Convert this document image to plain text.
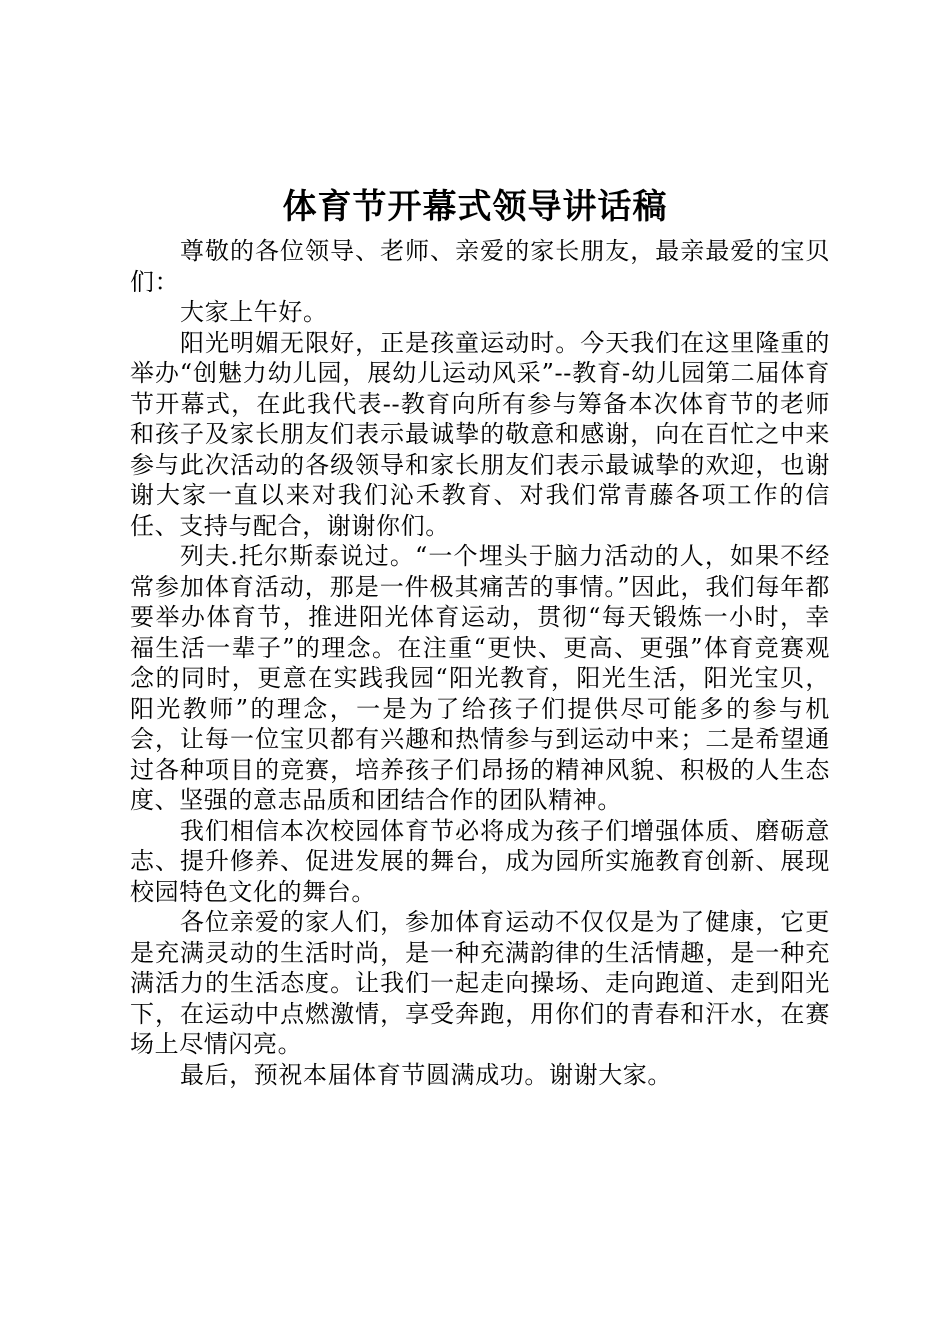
体育节开幕式领导讲话稿

尊敬的各位领导、老师、亲爱的家长朋友，最亲最爱的宝贝们：

大家上午好。

阳光明媚无限好，正是孩童运动时。今天我们在这里隆重的举办“创魅力幼儿园，展幼儿运动风采”--教育-幼儿园第二届体育节开幕式，在此我代表--教育向所有参与筹备本次体育节的老师和孩子及家长朋友们表示最诚挚的敬意和感谢，向在百忙之中来参与此次活动的各级领导和家长朋友们表示最诚挚的欢迎，也谢谢大家一直以来对我们沁禾教育、对我们常青藤各项工作的信任、支持与配合，谢谢你们。

列夫.托尔斯泰说过。“一个埋头于脑力活动的人，如果不经常参加体育活动，那是一件极其痛苦的事情。”因此，我们每年都要举办体育节，推进阳光体育运动，贯彻“每天锻炼一小时，幸福生活一辈子”的理念。在注重“更快、更高、更强”体育竞赛观念的同时，更意在实践我园“阳光教育，阳光生活，阳光宝贝，阳光教师”的理念，一是为了给孩子们提供尽可能多的参与机会，让每一位宝贝都有兴趣和热情参与到运动中来；二是希望通过各种项目的竞赛，培养孩子们昂扬的精神风貌、积极的人生态度、坚强的意志品质和团结合作的团队精神。

我们相信本次校园体育节必将成为孩子们增强体质、磨砺意志、提升修养、促进发展的舞台，成为园所实施教育创新、展现校园特色文化的舞台。

各位亲爱的家人们，参加体育运动不仅仅是为了健康，它更是充满灵动的生活时尚，是一种充满韵律的生活情趣，是一种充满活力的生活态度。让我们一起走向操场、走向跑道、走到阳光下，在运动中点燃激情，享受奔跑，用你们的青春和汗水，在赛场上尽情闪亮。

最后，预祝本届体育节圆满成功。谢谢大家。
